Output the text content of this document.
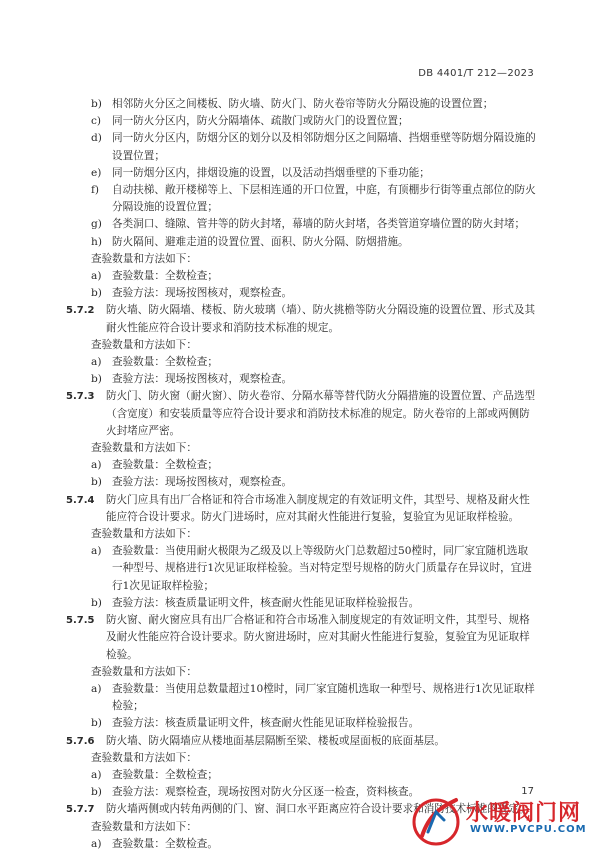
DB 4401/T 212—2023
b) 相邻防火分区之间楼板、防火墙、防火门、防火卷帘等防火分隔设施的设置位置；
c)	同一防火分区内，防火分隔墙体、疏散门或防火门的设置位置；
d) 同一防火分区内，防烟分区的划分以及相邻防烟分区之间隔墙、挡烟垂壁等防烟分隔设施的设置位置；
e) 同一防烟分区内，排烟设施的设置，以及活动挡烟垂壁的下垂功能；
f)	自动扶梯、敞开楼梯等上、下层相连通的开口位置，中庭，有顶棚步行街等重点部位的防火分隔设施的设置位置；
g) 各类洞口、缝隙、管井等的防火封堵，幕墙的防火封堵，各类管道穿墙位置的防火封堵；
h) 防火隔间、避难走道的设置位置、面积、防火分隔、防烟措施。
查验数量和方法如下：
a) 查验数量：全数检查；
b) 查验方法：现场按图核对，观察检查。
5.7.2	防火墙、防火隔墙、楼板、防火玻璃（墙）、防火挑檐等防火分隔设施的设置位置、形式及其耐火性能应符合设计要求和消防技术标准的规定。
查验数量和方法如下：
a) 查验数量：全数检查；
b) 查验方法：现场按图核对，观察检查。
5.7.3	防火门、防火窗（耐火窗）、防火卷帘、分隔水幕等替代防火分隔措施的设置位置、产品选型（含宽度）和安装质量等应符合设计要求和消防技术标准的规定。防火卷帘的上部或两侧防火封堵应严密。
查验数量和方法如下：
a) 查验数量：全数检查；
b) 查验方法：现场按图核对，观察检查。
5.7.4	防火门应具有出厂合格证和符合市场准入制度规定的有效证明文件，其型号、规格及耐火性能应符合设计要求。防火门进场时，应对其耐火性能进行复验，复验宜为见证取样检验。
查验数量和方法如下：
a) 查验数量：当使用耐火极限为乙级及以上等级防火门总数超过50樘时，同厂家宜随机选取一种型号、规格进行1次见证取样检验。当对特定型号规格的防火门质量存在异议时，宜进行1次见证取样检验；
b) 查验方法：核查质量证明文件，核查耐火性能见证取样检验报告。
5.7.5	防火窗、耐火窗应具有出厂合格证和符合市场准入制度规定的有效证明文件，其型号、规格及耐火性能应符合设计要求。防火窗进场时，应对其耐火性能进行复验，复验宜为见证取样检验。
查验数量和方法如下：
a) 查验数量：当使用总数量超过10樘时，同厂家宜随机选取一种型号、规格进行1次见证取样检验；
b) 查验方法：核查质量证明文件，核查耐火性能见证取样检验报告。
5.7.6	防火墙、防火隔墙应从楼地面基层隔断至梁、楼板或屋面板的底面基层。
查验数量和方法如下：
a) 查验数量：全数检查；
b) 查验方法：观察检查，现场按图对防火分区逐一检查，资料核查。
5.7.7	防火墙两侧或内转角两侧的门、窗、洞口水平距离应符合设计要求和消防技术标准的规定。
查验数量和方法如下：
a) 查验数量：全数检查。
17
水暖阀门网
WWW.PVCPU.COM
